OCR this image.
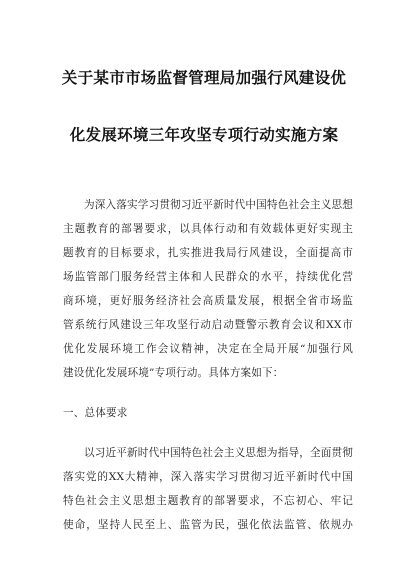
关于某市市场监督管理局加强行风建设优
化发展环境三年攻坚专项行动实施方案
为深入落实学习贯彻习近平新时代中国特色社会主义思想
主题教育的部署要求，以具体行动和有效载体更好实现主
题教育的目标要求，扎实推进我局行风建设，全面提高市
场监管部门服务经营主体和人民群众的水平，持续优化营
商环境，更好服务经济社会高质量发展，根据全省市场监
管系统行风建设三年攻坚行动启动暨警示教育会议和XX市
优化发展环境工作会议精神，决定在全局开展“加强行风
建设优化发展环境”专项行动。具体方案如下：
一、总体要求
以习近平新时代中国特色社会主义思想为指导，全面贯彻
落实党的XX大精神，深入落实学习贯彻习近平新时代中国
特色社会主义思想主题教育的部署要求，不忘初心、牢记
使命，坚持人民至上、监管为民，强化依法监管、依规办
